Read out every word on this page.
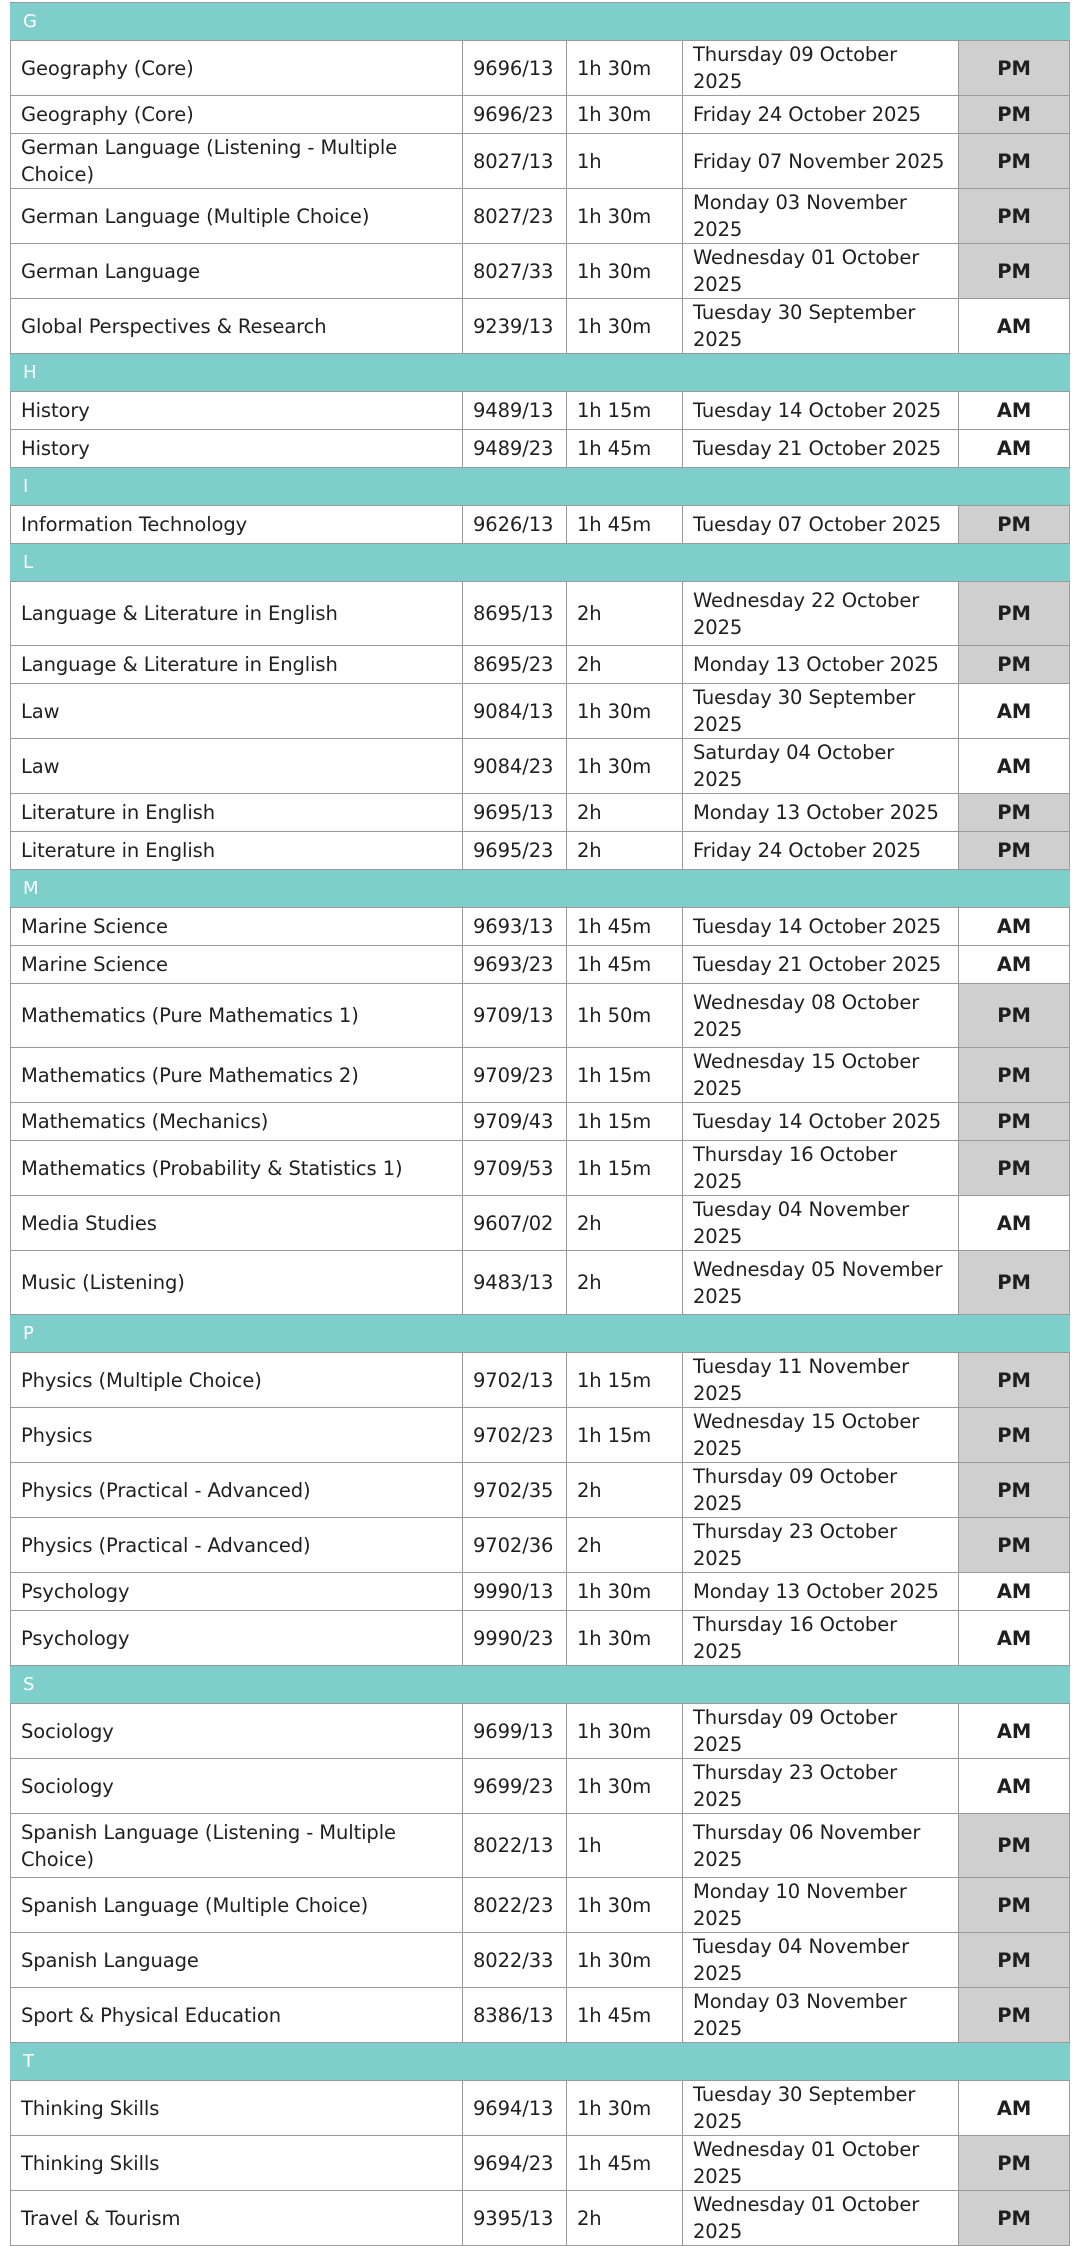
G				
Geography (Core)	9696/13	1h 30m	Thursday 09 October 2025	PM
Geography (Core)	9696/23	1h 30m	Friday 24 October 2025	PM
German Language (Listening - Multiple Choice)	8027/13	1h	Friday 07 November 2025	PM
German Language (Multiple Choice)	8027/23	1h 30m	Monday 03 November 2025	PM
German Language	8027/33	1h 30m	Wednesday 01 October 2025	PM
Global Perspectives & Research	9239/13	1h 30m	Tuesday 30 September 2025	AM
H				
History	9489/13	1h 15m	Tuesday 14 October 2025	AM
History	9489/23	1h 45m	Tuesday 21 October 2025	AM
I				
Information Technology	9626/13	1h 45m	Tuesday 07 October 2025	PM
L				
Language & Literature in English	8695/13	2h	Wednesday 22 October 2025	PM
Language & Literature in English	8695/23	2h	Monday 13 October 2025	PM
Law	9084/13	1h 30m	Tuesday 30 September 2025	AM
Law	9084/23	1h 30m	Saturday 04 October 2025	AM
Literature in English	9695/13	2h	Monday 13 October 2025	PM
Literature in English	9695/23	2h	Friday 24 October 2025	PM
M				
Marine Science	9693/13	1h 45m	Tuesday 14 October 2025	AM
Marine Science	9693/23	1h 45m	Tuesday 21 October 2025	AM
Mathematics (Pure Mathematics 1)	9709/13	1h 50m	Wednesday 08 October 2025	PM
Mathematics (Pure Mathematics 2)	9709/23	1h 15m	Wednesday 15 October 2025	PM
Mathematics (Mechanics)	9709/43	1h 15m	Tuesday 14 October 2025	PM
Mathematics (Probability & Statistics 1)	9709/53	1h 15m	Thursday 16 October 2025	PM
Media Studies	9607/02	2h	Tuesday 04 November 2025	AM
Music (Listening)	9483/13	2h	Wednesday 05 November 2025	PM
P				
Physics (Multiple Choice)	9702/13	1h 15m	Tuesday 11 November 2025	PM
Physics	9702/23	1h 15m	Wednesday 15 October 2025	PM
Physics (Practical - Advanced)	9702/35	2h	Thursday 09 October 2025	PM
Physics (Practical - Advanced)	9702/36	2h	Thursday 23 October 2025	PM
Psychology	9990/13	1h 30m	Monday 13 October 2025	AM
Psychology	9990/23	1h 30m	Thursday 16 October 2025	AM
S				
Sociology	9699/13	1h 30m	Thursday 09 October 2025	AM
Sociology	9699/23	1h 30m	Thursday 23 October 2025	AM
Spanish Language (Listening - Multiple Choice)	8022/13	1h	Thursday 06 November 2025	PM
Spanish Language (Multiple Choice)	8022/23	1h 30m	Monday 10 November 2025	PM
Spanish Language	8022/33	1h 30m	Tuesday 04 November 2025	PM
Sport & Physical Education	8386/13	1h 45m	Monday 03 November 2025	PM
T				
Thinking Skills	9694/13	1h 30m	Tuesday 30 September 2025	AM
Thinking Skills	9694/23	1h 45m	Wednesday 01 October 2025	PM
Travel & Tourism	9395/13	2h	Wednesday 01 October 2025	PM
